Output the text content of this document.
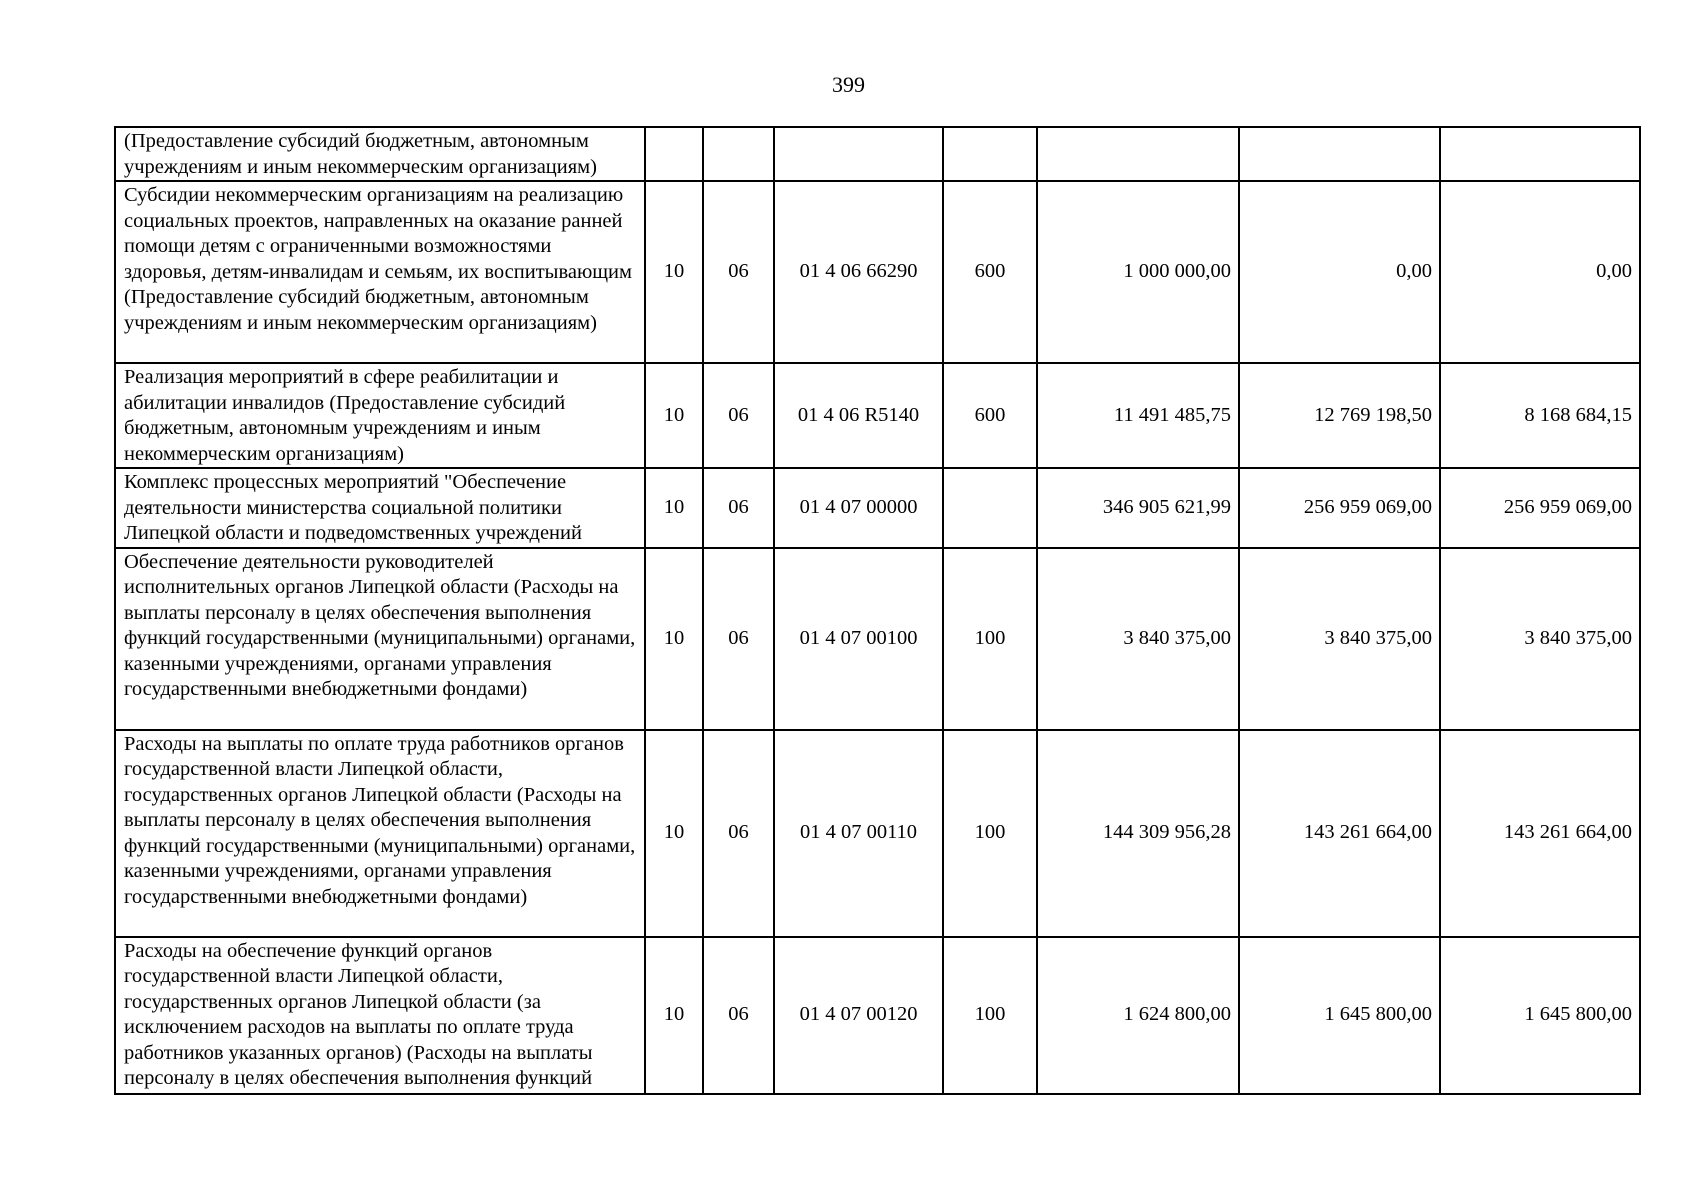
399
(Предоставление субсидий бюджетным, автономным учреждениям и иным некоммерческим организациям)							
Субсидии некоммерческим организациям на реализацию социальных проектов, направленных на оказание ранней помощи детям с ограниченными возможностями здоровья, детям-инвалидам и семьям, их воспитывающим (Предоставление субсидий бюджетным, автономным учреждениям и иным некоммерческим организациям)	10	06	01 4 06 66290	600	1 000 000,00	0,00	0,00
Реализация мероприятий в сфере реабилитации и абилитации инвалидов (Предоставление субсидий бюджетным, автономным учреждениям и иным некоммерческим организациям)	10	06	01 4 06 R5140	600	11 491 485,75	12 769 198,50	8 168 684,15
Комплекс процессных мероприятий "Обеспечение деятельности министерства социальной политики Липецкой области и подведомственных учреждений	10	06	01 4 07 00000		346 905 621,99	256 959 069,00	256 959 069,00
Обеспечение деятельности руководителей исполнительных органов Липецкой области (Расходы на выплаты персоналу в целях обеспечения выполнения функций государственными (муниципальными) органами, казенными учреждениями, органами управления государственными внебюджетными фондами)	10	06	01 4 07 00100	100	3 840 375,00	3 840 375,00	3 840 375,00
Расходы на выплаты по оплате труда работников органов государственной власти Липецкой области, государственных органов Липецкой области (Расходы на выплаты персоналу в целях обеспечения выполнения функций государственными (муниципальными) органами, казенными учреждениями, органами управления государственными внебюджетными фондами)	10	06	01 4 07 00110	100	144 309 956,28	143 261 664,00	143 261 664,00
Расходы на обеспечение функций органов государственной власти Липецкой области, государственных органов Липецкой области (за исключением расходов на выплаты по оплате труда работников указанных органов) (Расходы на выплаты персоналу в целях обеспечения выполнения функций	10	06	01 4 07 00120	100	1 624 800,00	1 645 800,00	1 645 800,00
